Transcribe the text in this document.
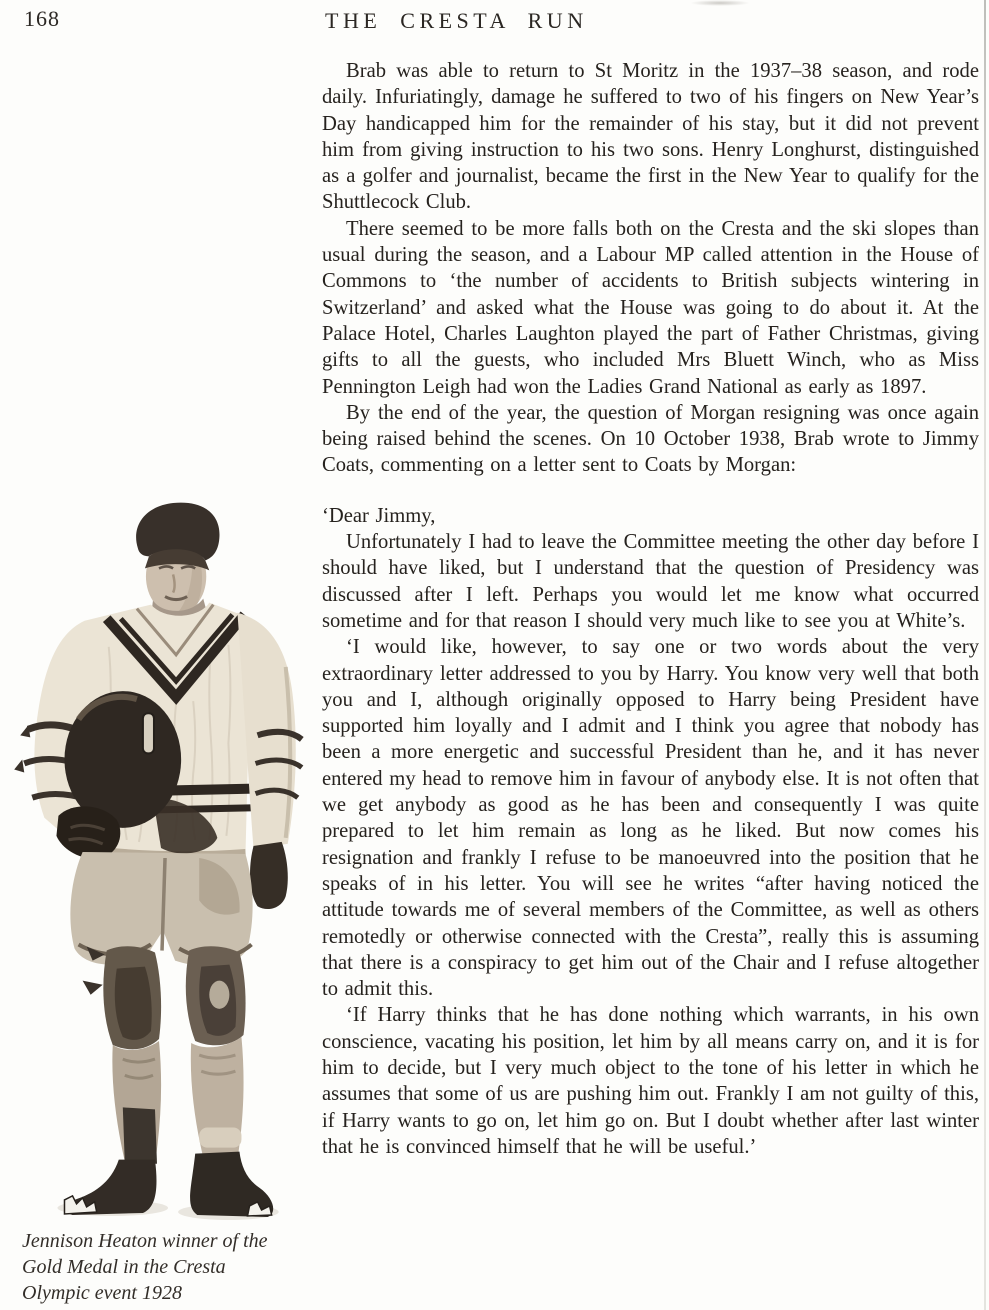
168	THE CRESTA RUN

Brab was able to return to St Moritz in the 1937–38 season, and rode daily. Infuriatingly, damage he suffered to two of his fingers on New Year’s Day handicapped him for the remainder of his stay, but it did not prevent him from giving instruction to his two sons. Henry Longhurst, distinguished as a golfer and journalist, became the first in the New Year to qualify for the Shuttlecock Club.

There seemed to be more falls both on the Cresta and the ski slopes than usual during the season, and a Labour MP called attention in the House of Commons to ‘the number of accidents to British subjects wintering in Switzerland’ and asked what the House was going to do about it. At the Palace Hotel, Charles Laughton played the part of Father Christmas, giving gifts to all the guests, who included Mrs Bluett Winch, who as Miss Pennington Leigh had won the Ladies Grand National as early as 1897.

By the end of the year, the question of Morgan resigning was once again being raised behind the scenes. On 10 October 1938, Brab wrote to Jimmy Coats, commenting on a letter sent to Coats by Morgan:

‘Dear Jimmy,

Unfortunately I had to leave the Committee meeting the other day before I should have liked, but I understand that the question of Presidency was discussed after I left. Perhaps you would let me know what occurred sometime and for that reason I should very much like to see you at White’s.

‘I would like, however, to say one or two words about the very extraordinary letter addressed to you by Harry. You know very well that both you and I, although originally opposed to Harry being President have supported him loyally and I admit and I think you agree that nobody has been a more energetic and successful President than he, and it has never entered my head to remove him in favour of anybody else. It is not often that we get anybody as good as he has been and consequently I was quite prepared to let him remain as long as he liked. But now comes his resignation and frankly I refuse to be manoeuvred into the position that he speaks of in his letter. You will see he writes “after having noticed the attitude towards me of several members of the Committee, as well as others remotedly or otherwise connected with the Cresta”, really this is assuming that there is a conspiracy to get him out of the Chair and I refuse altogether to admit this.

‘If Harry thinks that he has done nothing which warrants, in his own conscience, vacating his position, let him by all means carry on, and it is for him to decide, but I very much object to the tone of his letter in which he assumes that some of us are pushing him out. Frankly I am not guilty of this, if Harry wants to go on, let him go on. But I doubt whether after last winter that he is convinced himself that he will be useful.’

Jennison Heaton winner of the
Gold Medal in the Cresta
Olympic event 1928
